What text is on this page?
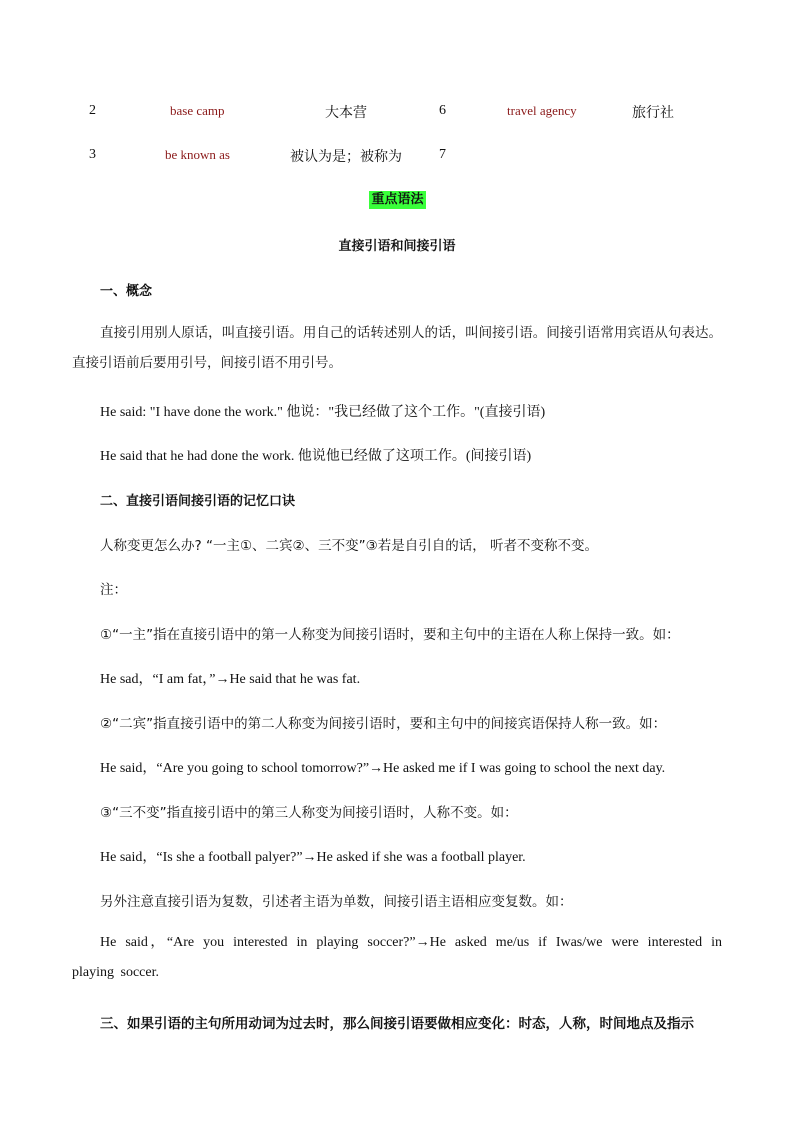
2	base camp	大本营	6	travel agency	旅行社
3	be known as	被认为是；被称为	7
重点语法
直接引语和间接引语
一、概念
直接引用别人原话，叫直接引语。用自己的话转述别人的话，叫间接引语。间接引语常用宾语从句表达。直接引语前后要用引号，间接引语不用引号。
He said: "I have done the work." 他说："我已经做了这个工作。"(直接引语)
He said that he had done the work. 他说他已经做了这项工作。(间接引语)
二、直接引语间接引语的记忆口诀
人称变更怎么办? “一主①、二宾②、三不变”③若是自引自的话， 听者不变称不变。
注：
①“一主”指在直接引语中的第一人称变为间接引语时，要和主句中的主语在人称上保持一致。如：
He sad，“I am fat，”→He said that he was fat.
②“二宾”指直接引语中的第二人称变为间接引语时，要和主句中的间接宾语保持人称一致。如：
He said，“Are you going to school tomorrow?”→He asked me if I was going to school the next day.
③“三不变”指直接引语中的第三人称变为间接引语时，人称不变。如：
He said，“Is she a football palyer?”→He asked if she was a football player.
另外注意直接引语为复数，引述者主语为单数，间接引语主语相应变复数。如：
He said，“Are you interested in playing soccer?”→He asked me/us if Iwas/we were interested in playing soccer.
三、如果引语的主句所用动词为过去时，那么间接引语要做相应变化：时态，人称，时间地点及指示
